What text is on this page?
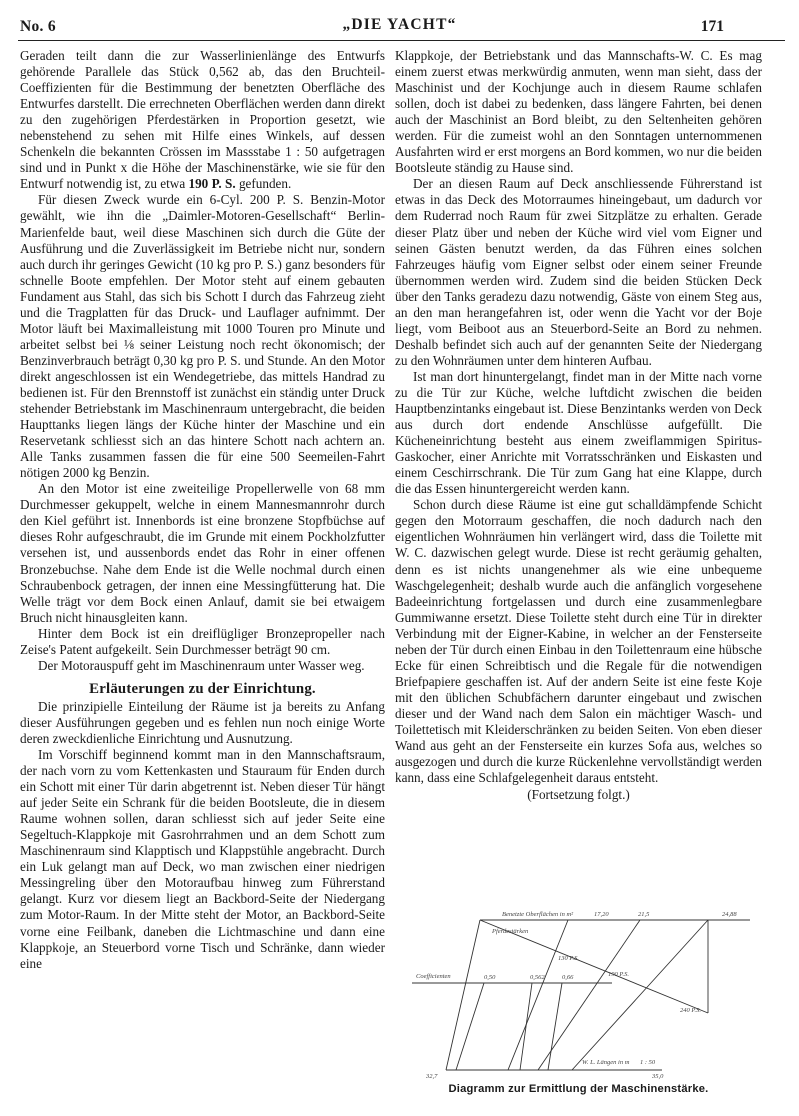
No. 6	„DIE YACHT“	171

Geraden teilt dann die zur Wasserlinienlänge des Entwurfs gehörende Parallele das Stück 0,562 ab, das den Bruchteil-Coeffizienten für die Bestimmung der benetzten Oberfläche des Entwurfes darstellt. Die errechneten Oberflächen werden dann direkt zu den zugehörigen Pferdestärken in Proportion gesetzt, wie nebenstehend zu sehen mit Hilfe eines Winkels, auf dessen Schenkeln die bekannten Crössen im Massstabe 1 : 50 aufgetragen sind und in Punkt x die Höhe der Maschinenstärke, wie sie für den Entwurf notwendig ist, zu etwa 190 P. S. gefunden.

Für diesen Zweck wurde ein 6-Cyl. 200 P. S. Benzin-Motor gewählt, wie ihn die „Daimler-Motoren-Gesellschaft“ Berlin-Marienfelde baut, weil diese Maschinen sich durch die Güte der Ausführung und die Zuverlässigkeit im Betriebe nicht nur, sondern auch durch ihr geringes Gewicht (10 kg pro P. S.) ganz besonders für schnelle Boote empfehlen. Der Motor steht auf einem gebauten Fundament aus Stahl, das sich bis Schott I durch das Fahrzeug zieht und die Tragplatten für das Druck- und Lauflager aufnimmt. Der Motor läuft bei Maximalleistung mit 1000 Touren pro Minute und arbeitet selbst bei ⅛ seiner Leistung noch recht ökonomisch; der Benzinverbrauch beträgt 0,30 kg pro P. S. und Stunde. An den Motor direkt angeschlossen ist ein Wendegetriebe, das mittels Handrad zu bedienen ist. Für den Brennstoff ist zunächst ein ständig unter Druck stehender Betriebstank im Maschinenraum untergebracht, die beiden Haupttanks liegen längs der Küche hinter der Maschine und ein Reservetank schliesst sich an das hintere Schott nach achtern an. Alle Tanks zusammen fassen die für eine 500 Seemeilen-Fahrt nötigen 2000 kg Benzin.

An den Motor ist eine zweiteilige Propellerwelle von 68 mm Durchmesser gekuppelt, welche in einem Mannesmannrohr durch den Kiel geführt ist. Innenbords ist eine bronzene Stopfbüchse auf dieses Rohr aufgeschraubt, die im Grunde mit einem Pockholzfutter versehen ist, und aussenbords endet das Rohr in einer offenen Bronzebuchse. Nahe dem Ende ist die Welle nochmal durch einen Schraubenbock getragen, der innen eine Messingfütterung hat. Die Welle trägt vor dem Bock einen Anlauf, damit sie bei etwaigem Bruch nicht hinausgleiten kann.

Hinter dem Bock ist ein dreiflügliger Bronzepropeller nach Zeise's Patent aufgekeilt. Sein Durchmesser beträgt 90 cm.

Der Motorauspuff geht im Maschinenraum unter Wasser weg.

Erläuterungen zu der Einrichtung.

Die prinzipielle Einteilung der Räume ist ja bereits zu Anfang dieser Ausführungen gegeben und es fehlen nun noch einige Worte deren zweckdienliche Einrichtung und Ausnutzung.

Im Vorschiff beginnend kommt man in den Mannschaftsraum, der nach vorn zu vom Kettenkasten und Stauraum für Enden durch ein Schott mit einer Tür darin abgetrennt ist. Neben dieser Tür hängt auf jeder Seite ein Schrank für die beiden Bootsleute, die in diesem Raume wohnen sollen, daran schliesst sich auf jeder Seite eine Segeltuch-Klappkoje mit Gasrohrrahmen und an dem Schott zum Maschinenraum sind Klapptisch und Klappstühle angebracht. Durch ein Luk gelangt man auf Deck, wo man zwischen einer niedrigen Messingreling über den Motoraufbau hinweg zum Führerstand gelangt. Kurz vor diesem liegt an Backbord-Seite der Niedergang zum Motor-Raum. In der Mitte steht der Motor, an Backbord-Seite vorne eine Feilbank, daneben die Lichtmaschine und dann eine Klappkoje, an Steuerbord vorne Tisch und Schränke, dann wieder eine

Klappkoje, der Betriebstank und das Mannschafts-W. C. Es mag einem zuerst etwas merkwürdig anmuten, wenn man sieht, dass der Maschinist und der Kochjunge auch in diesem Raume schlafen sollen, doch ist dabei zu bedenken, dass längere Fahrten, bei denen auch der Maschinist an Bord bleibt, zu den Seltenheiten gehören werden. Für die zumeist wohl an den Sonntagen unternommenen Ausfahrten wird er erst morgens an Bord kommen, wo nur die beiden Bootsleute ständig zu Hause sind.

Der an diesen Raum auf Deck anschliessende Führerstand ist etwas in das Deck des Motorraumes hineingebaut, um dadurch vor dem Ruderrad noch Raum für zwei Sitzplätze zu erhalten. Gerade dieser Platz über und neben der Küche wird viel vom Eigner und seinen Gästen benutzt werden, da das Führen eines solchen Fahrzeuges häufig vom Eigner selbst oder einem seiner Freunde übernommen werden wird. Zudem sind die beiden Stücken Deck über den Tanks geradezu dazu notwendig, Gäste von einem Steg aus, an den man herangefahren ist, oder wenn die Yacht vor der Boje liegt, vom Beiboot aus an Steuerbord-Seite an Bord zu nehmen. Deshalb befindet sich auch auf der genannten Seite der Niedergang zu den Wohnräumen unter dem hinteren Aufbau.

Ist man dort hinuntergelangt, findet man in der Mitte nach vorne zu die Tür zur Küche, welche luftdicht zwischen die beiden Hauptbenzintanks eingebaut ist. Diese Benzintanks werden von Deck aus durch dort endende Anschlüsse aufgefüllt. Die Kücheneinrichtung besteht aus einem zweiflammigen Spiritus-Gaskocher, einer Anrichte mit Vorratsschränken und Eiskasten und einem Ceschirrschrank. Die Tür zum Gang hat eine Klappe, durch die das Essen hinuntergereicht werden kann.

Schon durch diese Räume ist eine gut schalldämpfende Schicht gegen den Motorraum geschaffen, die noch dadurch nach den eigentlichen Wohnräumen hin verlängert wird, dass die Toilette mit W. C. dazwischen gelegt wurde. Diese ist recht geräumig gehalten, denn es ist nichts unangenehmer als wie eine unbequeme Waschgelegenheit; deshalb wurde auch die anfänglich vorgesehene Badeeinrichtung fortgelassen und durch eine zusammenlegbare Gummiwanne ersetzt. Diese Toilette steht durch eine Tür in direkter Verbindung mit der Eigner-Kabine, in welcher an der Fensterseite neben der Tür durch einen Einbau in den Toilettenraum eine hübsche Ecke für einen Schreibtisch und die Regale für die notwendigen Briefpapiere geschaffen ist. Auf der andern Seite ist eine feste Koje mit den üblichen Schubfächern darunter eingebaut und zwischen dieser und der Wand nach dem Salon ein mächtiger Wasch- und Toilettetisch mit Kleiderschränken zu beiden Seiten. Von eben dieser Wand aus geht an der Fensterseite ein kurzes Sofa aus, welches so ausgezogen und durch die kurze Rückenlehne vervollständigt werden kann, dass eine Schlafgelegenheit daraus entsteht.

(Fortsetzung folgt.)

Benetzte Oberflächen in m²	17,20	21,5	24,88
Pferdestärken
Coefficienten	0,50	0,562	0,66
130 P.S.
190 P.S.
240 P.S.
W. L. Längen in m 1 : 50
32,7	35,0
Diagramm zur Ermittlung der Maschinenstärke.
